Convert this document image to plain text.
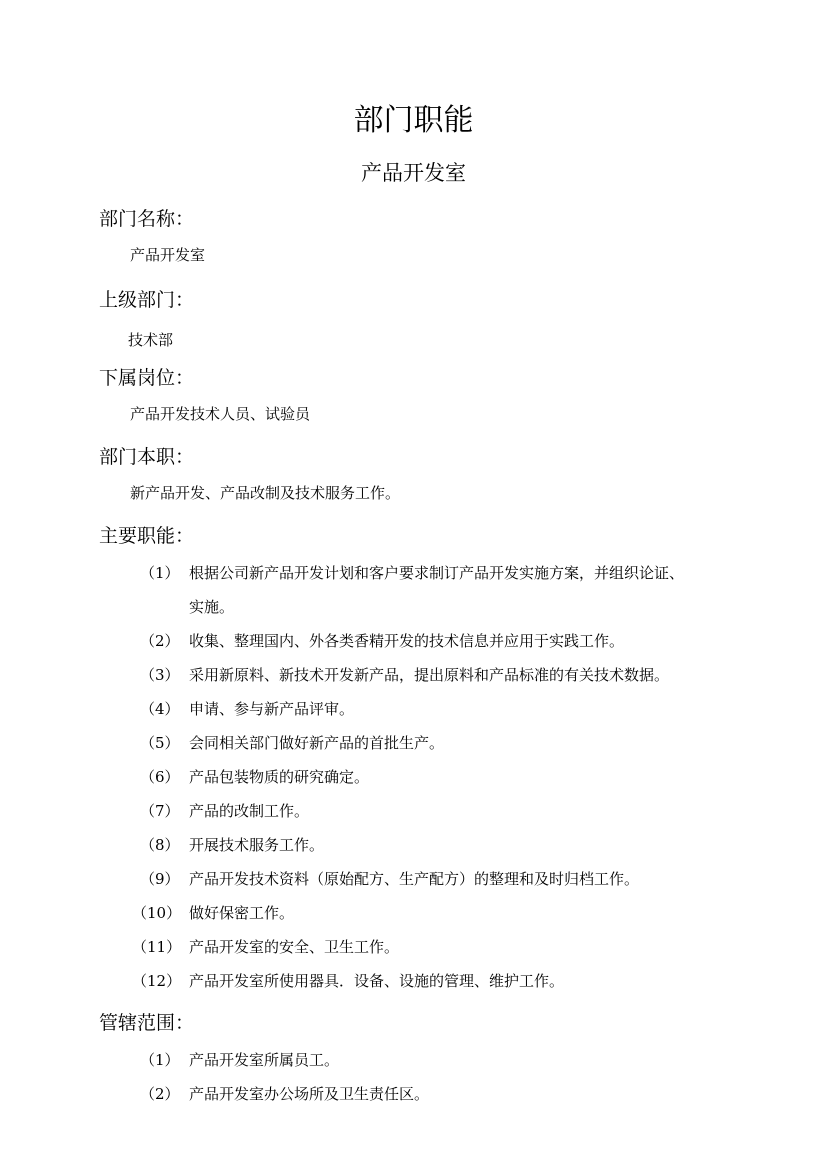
部门职能
产品开发室
部门名称：
产品开发室
上级部门：
技术部
下属岗位：
产品开发技术人员、试验员
部门本职：
新产品开发、产品改制及技术服务工作。
主要职能：
（1） 根据公司新产品开发计划和客户要求制订产品开发实施方案，并组织论证、
实施。
（2） 收集、整理国内、外各类香精开发的技术信息并应用于实践工作。
（3） 采用新原料、新技术开发新产品，提出原料和产品标准的有关技术数据。
（4） 申请、参与新产品评审。
（5） 会同相关部门做好新产品的首批生产。
（6） 产品包装物质的研究确定。
（7） 产品的改制工作。
（8） 开展技术服务工作。
（9） 产品开发技术资料（原始配方、生产配方）的整理和及时归档工作。
（10） 做好保密工作。
（11） 产品开发室的安全、卫生工作。
（12） 产品开发室所使用器具．设备、设施的管理、维护工作。
管辖范围：
（1） 产品开发室所属员工。
（2） 产品开发室办公场所及卫生责任区。
